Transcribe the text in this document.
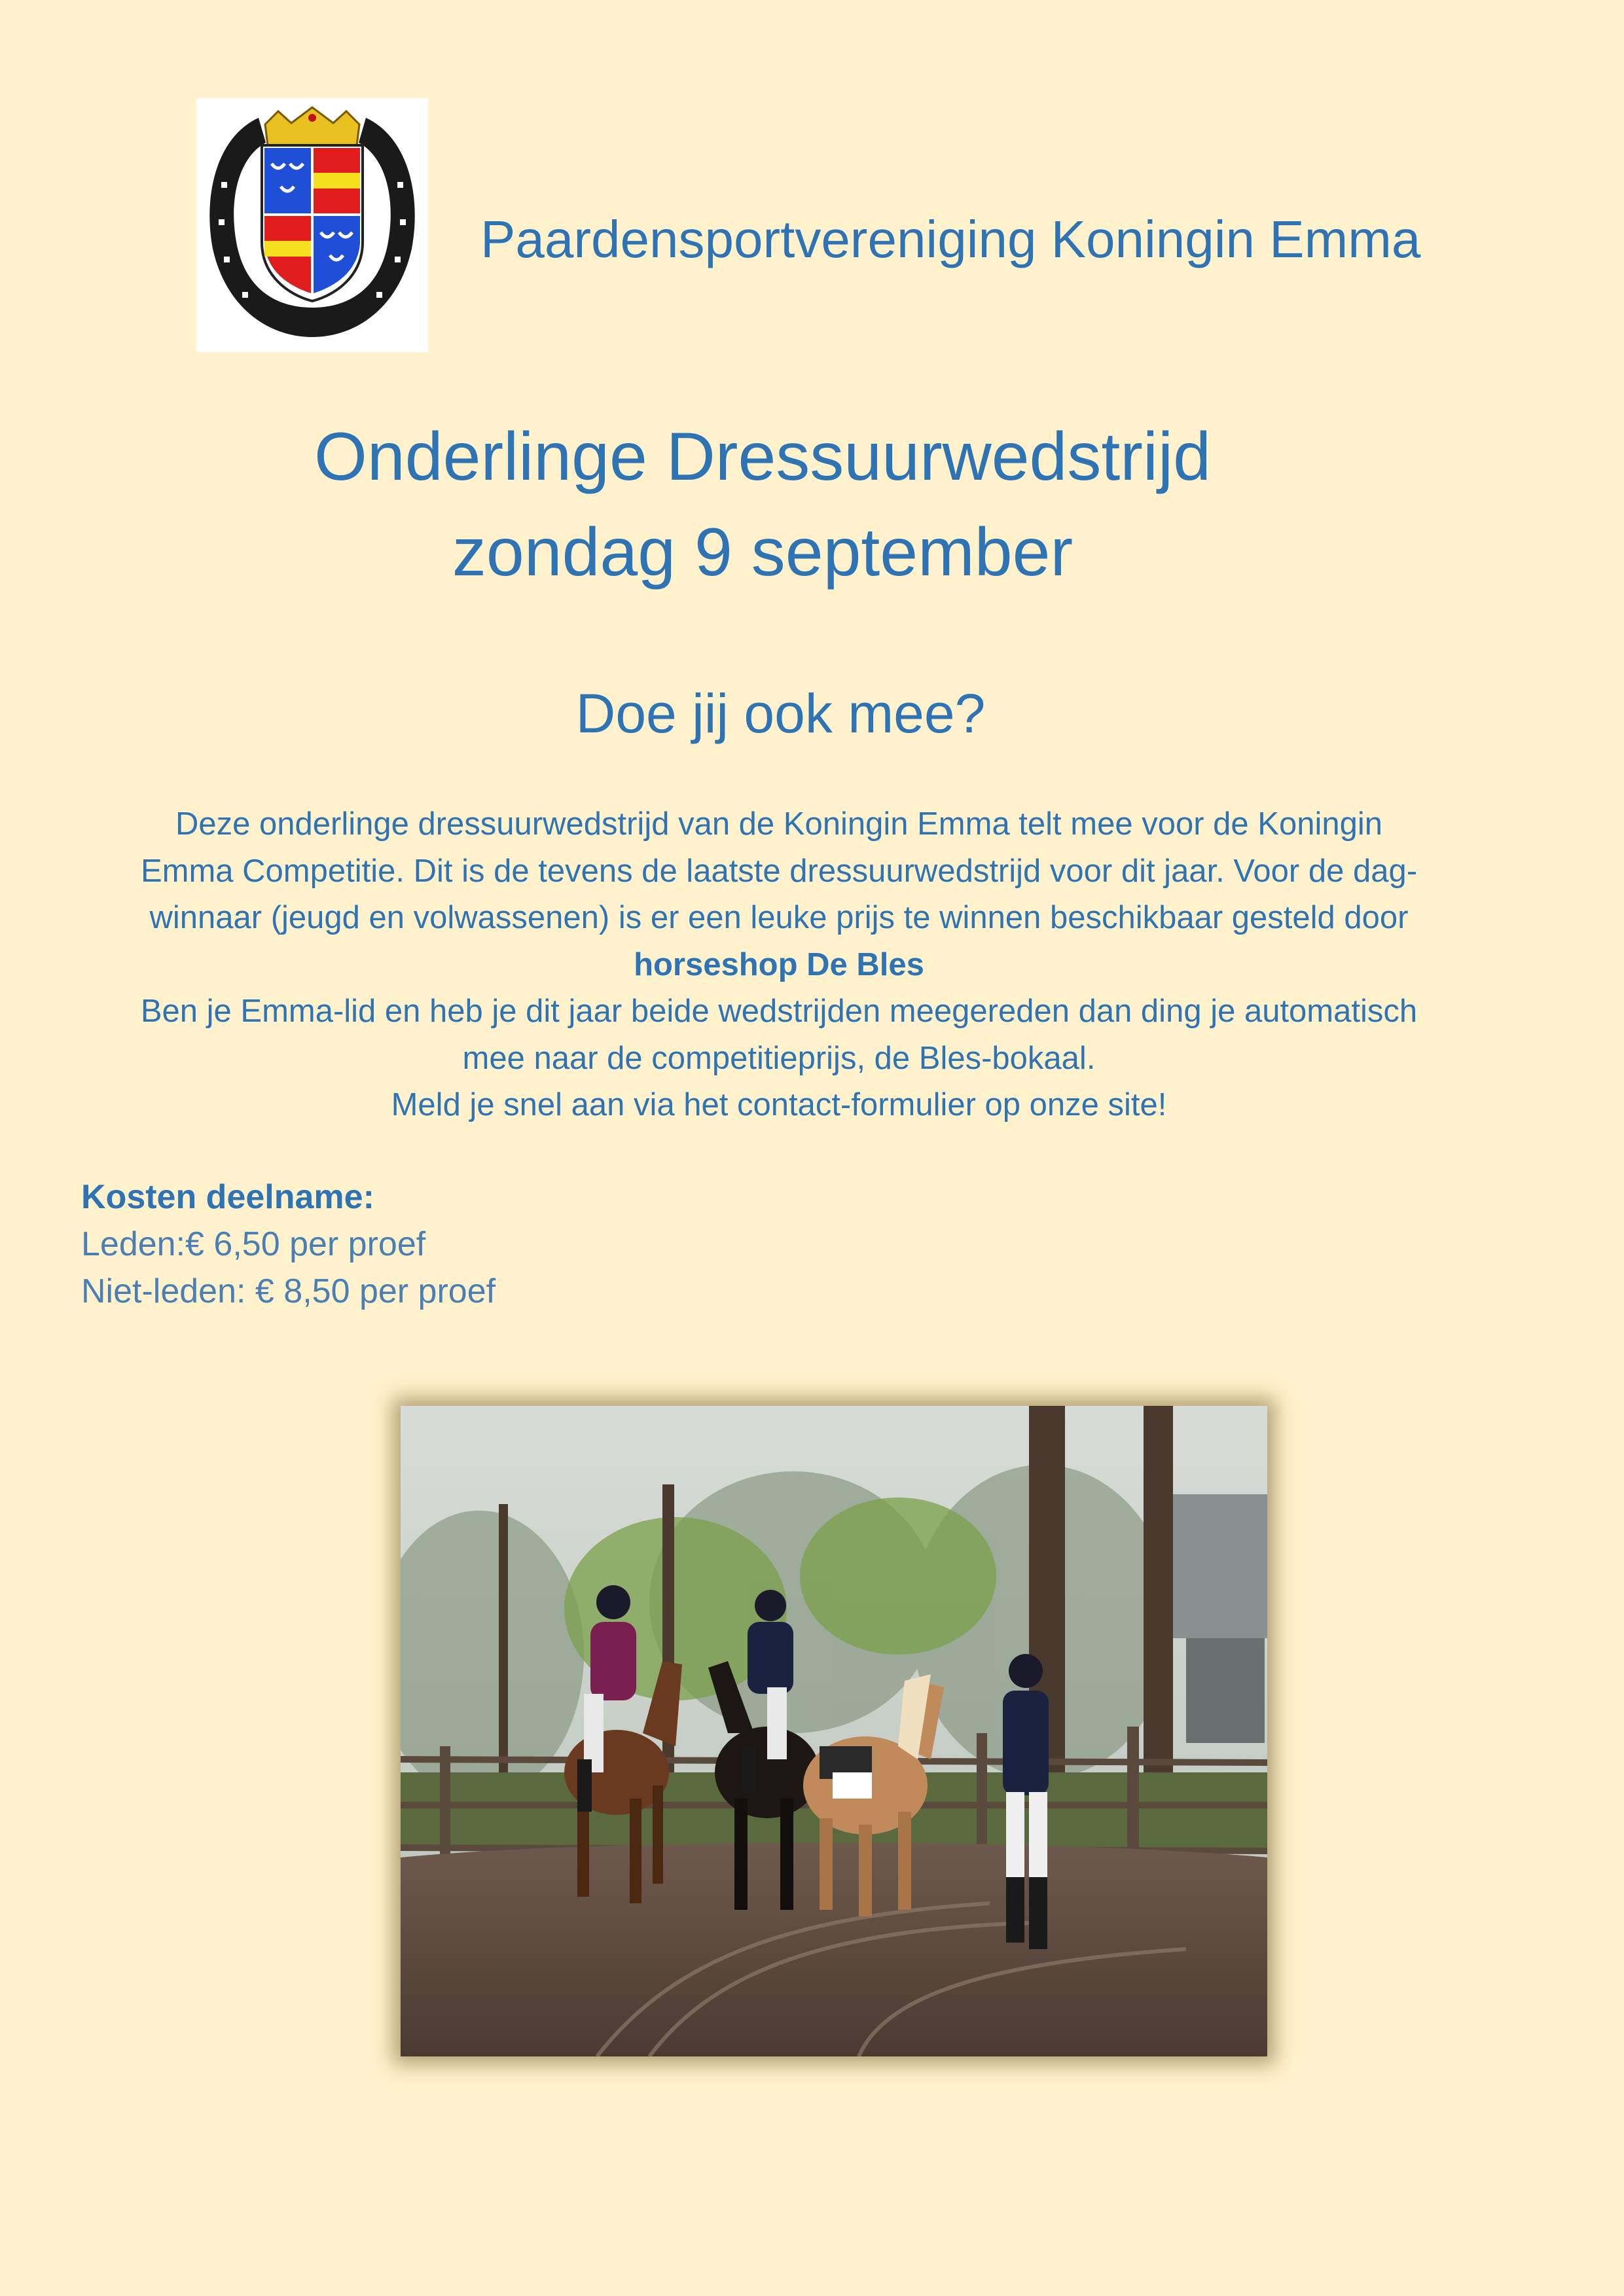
Paardensportvereniging Koningin Emma
Onderlinge Dressuurwedstrijd
zondag 9 september
Doe jij ook mee?
Deze onderlinge dressuurwedstrijd van de Koningin Emma telt mee voor de Koningin
Emma Competitie. Dit is de tevens de laatste dressuurwedstrijd voor dit jaar. Voor de dag-
winnaar (jeugd en volwassenen) is er een leuke prijs te winnen beschikbaar gesteld door
horseshop De Bles
Ben je Emma-lid en heb je dit jaar beide wedstrijden meegereden dan ding je automatisch
mee naar de competitieprijs, de Bles-bokaal.
Meld je snel aan via het contact-formulier op onze site!
Kosten deelname:
Leden:€ 6,50 per proef
Niet-leden: € 8,50 per proef
